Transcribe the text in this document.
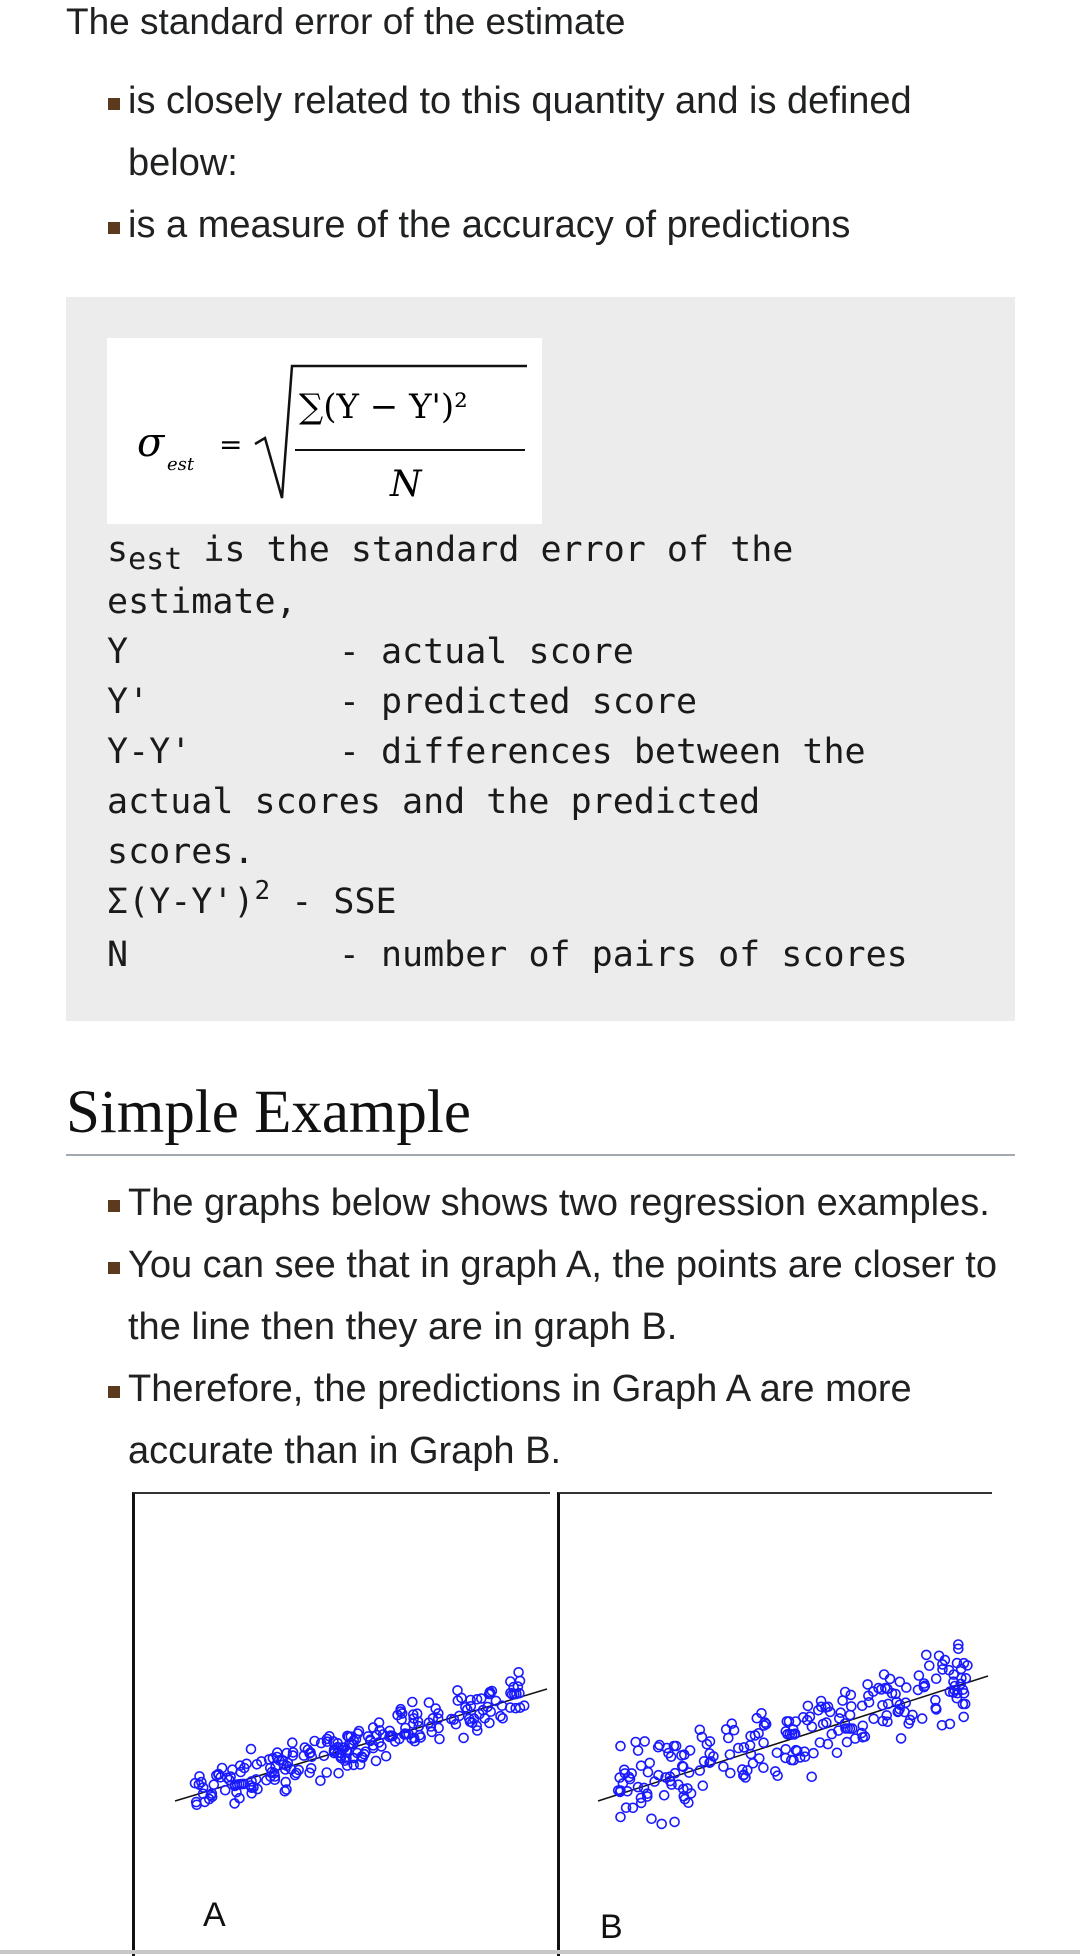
The standard error of the estimate

is closely related to this quantity and is defined below:
is a measure of the accuracy of predictions
σ est
=
∑(Y − Y')²
N
sest is the standard error of the
estimate,
Y	- actual score
Y'	- predicted score
Y-Y'	- differences between the
actual scores and the predicted
scores.
$\Sigma(Y-Y')^2$ - SSE
N	- number of pairs of scores
Simple Example
The graphs below shows two regression examples.
You can see that in graph A, the points are closer to the line then they are in graph B.
Therefore, the predictions in Graph A are more accurate than in Graph B.
A	B
